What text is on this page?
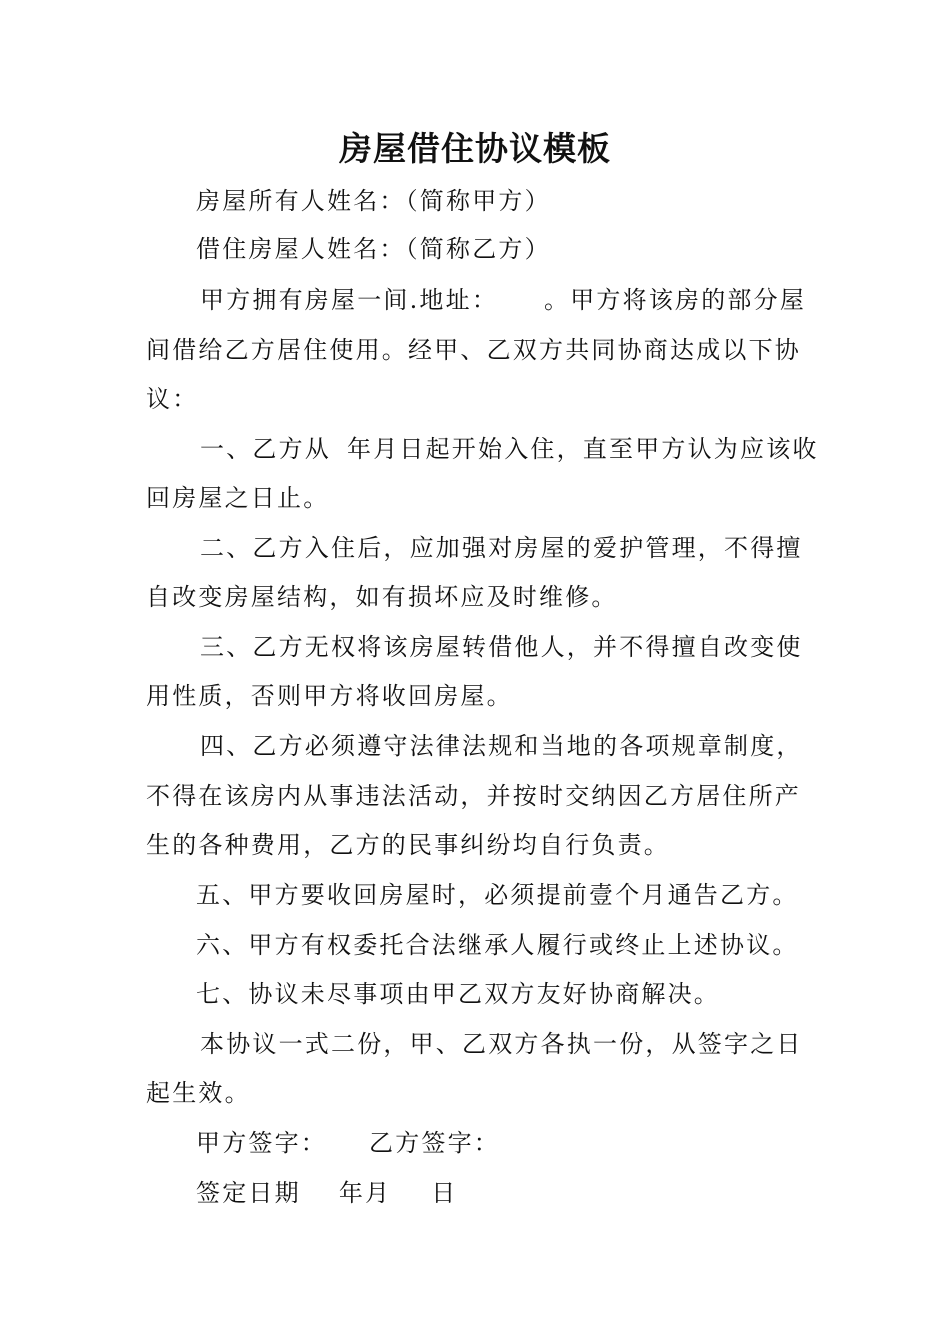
房屋借住协议模板
房屋所有人姓名：（简称甲方）
借住房屋人姓名：（简称乙方）
甲方拥有房屋一间.地址： 。甲方将该房的部分屋
间借给乙方居住使用。经甲、乙双方共同协商达成以下协
议：
一、乙方从 年月日起开始入住，直至甲方认为应该收
回房屋之日止。
二、乙方入住后，应加强对房屋的爱护管理，不得擅
自改变房屋结构，如有损坏应及时维修。
三、乙方无权将该房屋转借他人，并不得擅自改变使
用性质，否则甲方将收回房屋。
四、乙方必须遵守法律法规和当地的各项规章制度，
不得在该房内从事违法活动，并按时交纳因乙方居住所产
生的各种费用，乙方的民事纠纷均自行负责。
五、甲方要收回房屋时，必须提前壹个月通告乙方。
六、甲方有权委托合法继承人履行或终止上述协议。
七、协议未尽事项由甲乙双方友好协商解决。
本协议一式二份，甲、乙双方各执一份，从签字之日
起生效。
甲方签字： 乙方签字：
签定日期 年月 日
